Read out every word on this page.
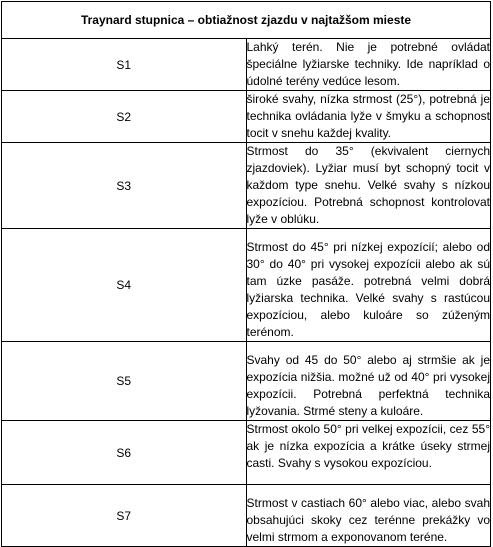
Traynard stupnica – obtiažnost zjazdu v najtažšom mieste	
S1	Lahký terén. Nie je potrebné ovládat špeciálne lyžiarske techniky. Ide napríklad o údolné terény vedúce lesom.
S2	široké svahy, nízka strmost (25°), potrebná je technika ovládania lyže v šmyku a schopnost tocit v snehu každej kvality.
S3	Strmost do 35° (ekvivalent ciernych zjazdoviek). Lyžiar musí byt schopný tocit v každom type snehu. Velké svahy s nízkou expozíciou. Potrebná schopnost kontrolovat lyže v oblúku.
S4	Strmost do 45° pri nízkej expozícií; alebo od 30° do 40° pri vysokej expozícii alebo ak sú tam úzke pasáže. potrebná velmi dobrá lyžiarska technika. Velké svahy s rastúcou expozíciou, alebo kuloáre so zúženým terénom.
S5	Svahy od 45 do 50° alebo aj strmšie ak je expozícia nižšia. možné už od 40° pri vysokej expozícii. Potrebná perfektná technika lyžovania. Strmé steny a kuloáre.
S6	Strmost okolo 50° pri velkej expozícii, cez 55° ak je nízka expozícia a krátke úseky strmej casti. Svahy s vysokou expozíciou.
S7	Strmost v castiach 60° alebo viac, alebo svah obsahujúci skoky cez terénne prekážky vo velmi strmom a exponovanom teréne.
